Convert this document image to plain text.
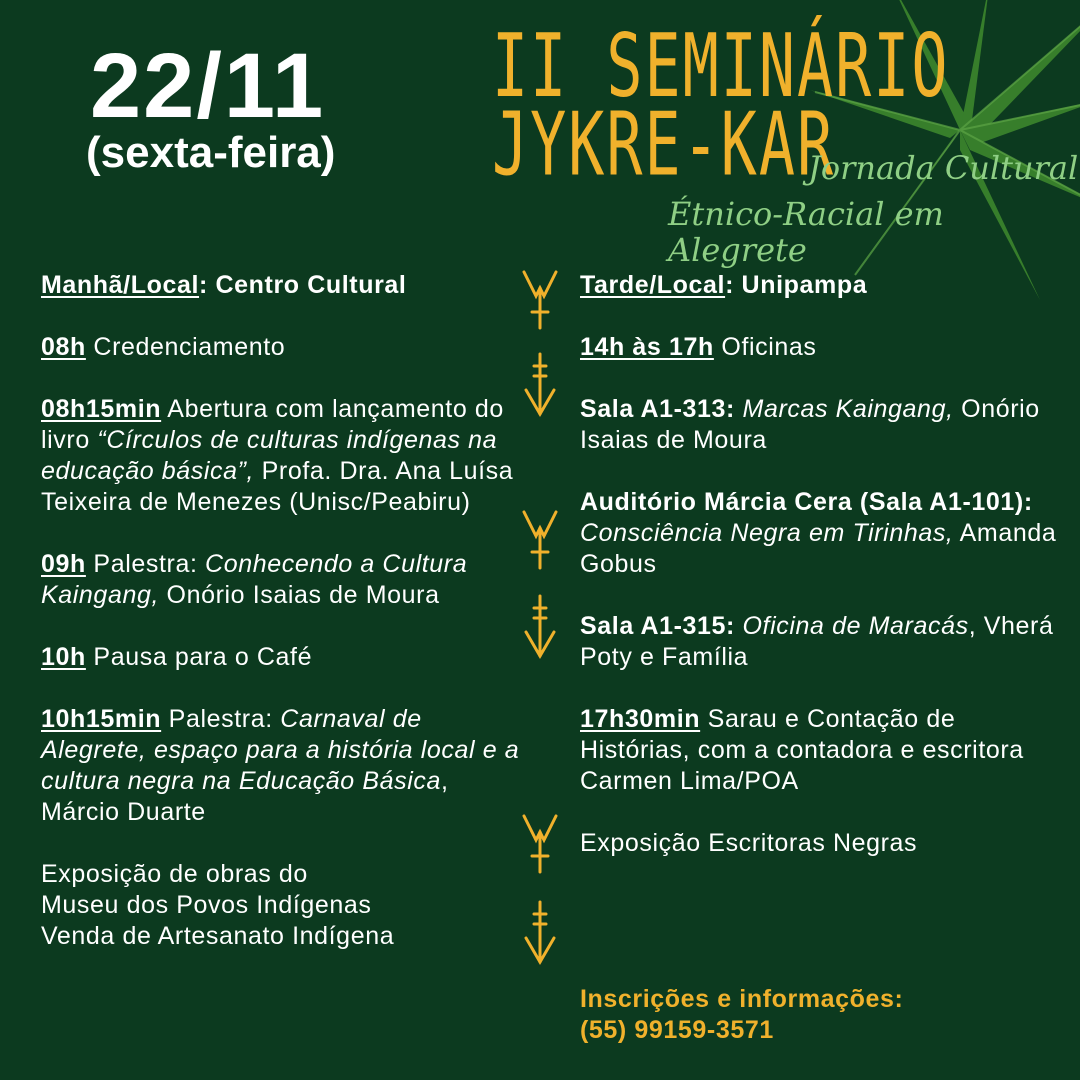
22/11
(sexta-feira)
II SEMINÁRIO
JYKRE-KAR
Jornada Cultural
Étnico-Racial em Alegrete
Manhã/Local: Centro Cultural
08h Credenciamento
08h15min Abertura com lançamento do livro “Círculos de culturas indígenas na educação básica”, Profa. Dra. Ana Luísa Teixeira de Menezes (Unisc/Peabiru)
09h Palestra: Conhecendo a Cultura Kaingang, Onório Isaias de Moura
10h Pausa para o Café
10h15min Palestra: Carnaval de Alegrete, espaço para a história local e a cultura negra na Educação Básica, Márcio Duarte
Exposição de obras do
Museu dos Povos Indígenas
Venda de Artesanato Indígena
Tarde/Local: Unipampa
14h às 17h Oficinas
Sala A1-313: Marcas Kaingang, Onório Isaias de Moura
Auditório Márcia Cera (Sala A1-101): Consciência Negra em Tirinhas, Amanda Gobus
Sala A1-315: Oficina de Maracás, Vherá Poty e Família
17h30min Sarau e Contação de Histórias, com a contadora e escritora Carmen Lima/POA
Exposição Escritoras Negras
Inscrições e informações:
(55) 99159-3571
